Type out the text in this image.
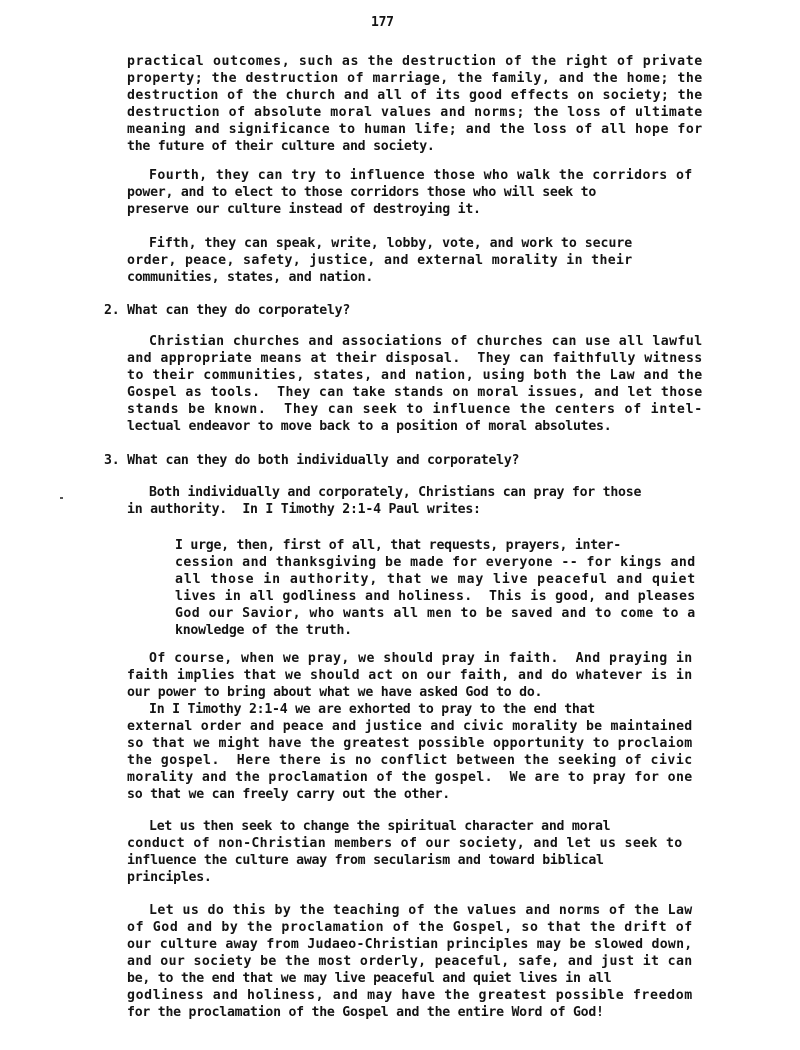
177
practical outcomes, such as the destruction of the right of private
property; the destruction of marriage, the family, and the home; the
destruction of the church and all of its good effects on society; the
destruction of absolute moral values and norms; the loss of ultimate
meaning and significance to human life; and the loss of all hope for
the future of their culture and society.
Fourth, they can try to influence those who walk the corridors of
power, and to elect to those corridors those who will seek to
preserve our culture instead of destroying it.
Fifth, they can speak, write, lobby, vote, and work to secure
order, peace, safety, justice, and external morality in their
communities, states, and nation.
2. What can they do corporately?
Christian churches and associations of churches can use all lawful
and appropriate means at their disposal.  They can faithfully witness
to their communities, states, and nation, using both the Law and the
Gospel as tools.  They can take stands on moral issues, and let those
stands be known.  They can seek to influence the centers of intel-
lectual endeavor to move back to a position of moral absolutes.
3. What can they do both individually and corporately?
Both individually and corporately, Christians can pray for those
in authority.  In I Timothy 2:1-4 Paul writes:
I urge, then, first of all, that requests, prayers, inter-
cession and thanksgiving be made for everyone -- for kings and
all those in authority, that we may live peaceful and quiet
lives in all godliness and holiness.  This is good, and pleases
God our Savior, who wants all men to be saved and to come to a
knowledge of the truth.
Of course, when we pray, we should pray in faith.  And praying in
faith implies that we should act on our faith, and do whatever is in
our power to bring about what we have asked God to do.
In I Timothy 2:1-4 we are exhorted to pray to the end that
external order and peace and justice and civic morality be maintained
so that we might have the greatest possible opportunity to proclaiom
the gospel.  Here there is no conflict between the seeking of civic
morality and the proclamation of the gospel.  We are to pray for one
so that we can freely carry out the other.
Let us then seek to change the spiritual character and moral
conduct of non-Christian members of our society, and let us seek to
influence the culture away from secularism and toward biblical
principles.
Let us do this by the teaching of the values and norms of the Law
of God and by the proclamation of the Gospel, so that the drift of
our culture away from Judaeo-Christian principles may be slowed down,
and our society be the most orderly, peaceful, safe, and just it can
be, to the end that we may live peaceful and quiet lives in all
godliness and holiness, and may have the greatest possible freedom
for the proclamation of the Gospel and the entire Word of God!
